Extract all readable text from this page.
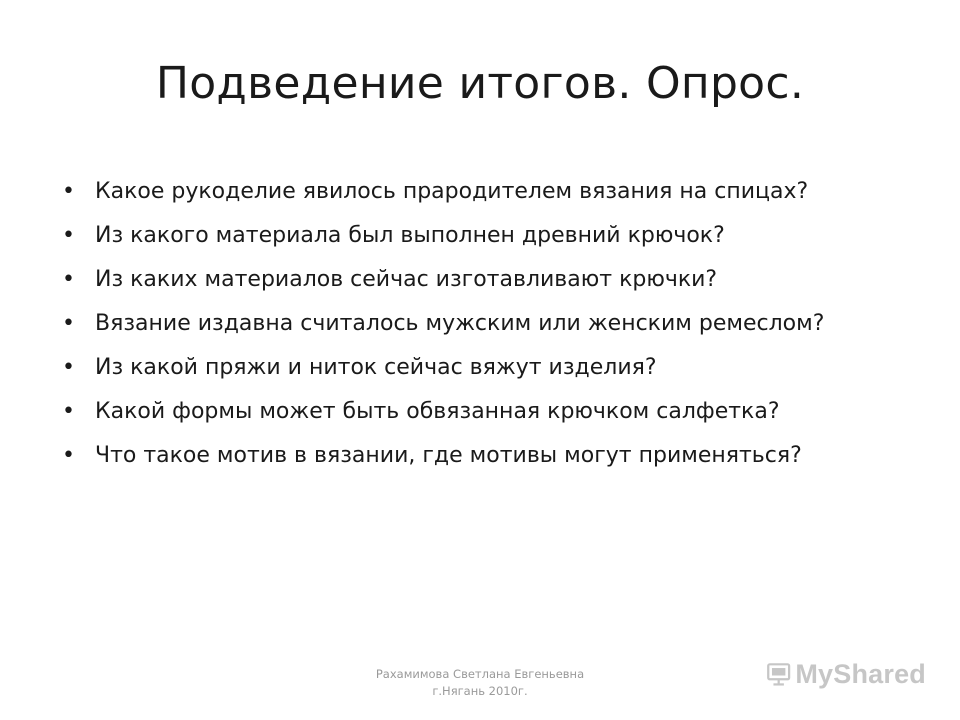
Подведение итогов. Опрос.
• Какое рукоделие явилось прародителем вязания на спицах?
• Из какого материала был выполнен древний крючок?
• Из каких материалов сейчас изготавливают крючки?
• Вязание издавна считалось мужским или женским ремеслом?
• Из какой пряжи и ниток сейчас вяжут изделия?
• Какой формы может быть обвязанная крючком салфетка?
• Что такое мотив в вязании, где мотивы могут применяться?
Рахамимова Светлана Евгеньевна
г.Нягань 2010г.
MyShared
